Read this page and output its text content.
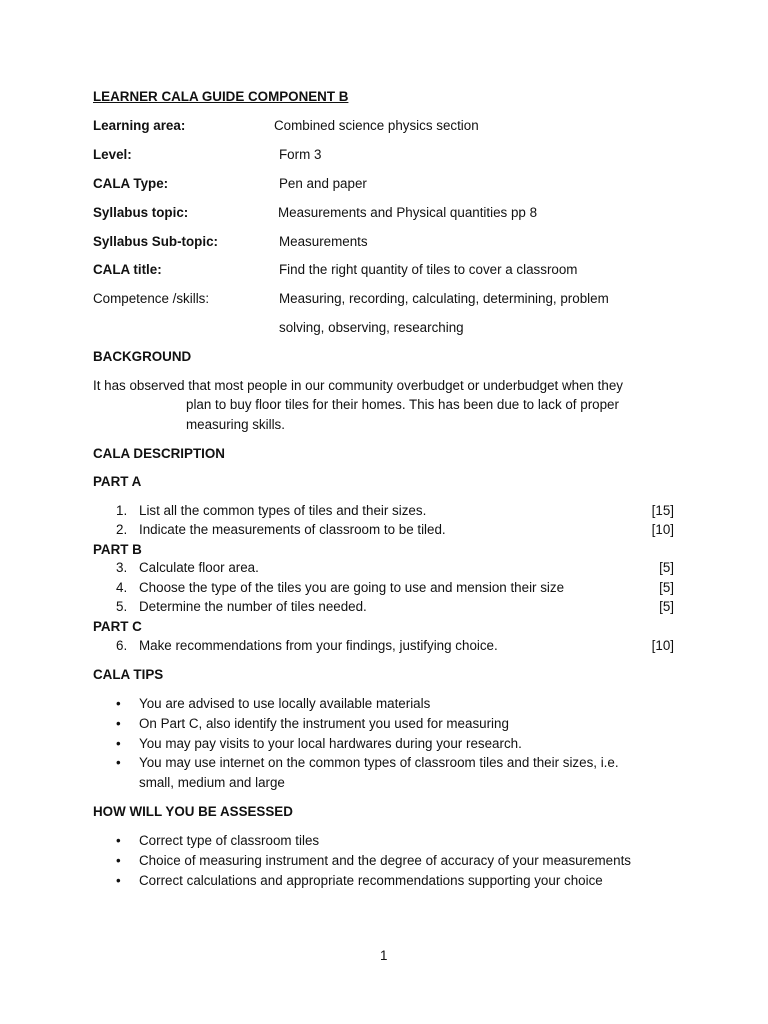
LEARNER CALA GUIDE COMPONENT B
Learning area:	Combined science physics section
Level:	Form 3
CALA Type:	Pen and paper
Syllabus topic:	Measurements and Physical quantities pp 8
Syllabus Sub-topic:	Measurements
CALA title:	Find the right quantity of tiles to cover a classroom
Competence /skills:	Measuring, recording, calculating, determining, problem
solving, observing, researching
BACKGROUND
It has observed that most people in our community overbudget or underbudget when they
plan to buy floor tiles for their homes. This has been due to lack of proper
measuring skills.
CALA DESCRIPTION
PART A
1. List all the common types of tiles and their sizes.	[15]
2. Indicate the measurements of classroom to be tiled.	[10]
PART B
3. Calculate floor area.	[5]
4. Choose the type of the tiles you are going to use and mension their size	[5]
5. Determine the number of tiles needed.	[5]
PART C
6. Make recommendations from your findings, justifying choice.	[10]
CALA TIPS
• You are advised to use locally available materials
• On Part C, also identify the instrument you used for measuring
• You may pay visits to your local hardwares during your research.
• You may use internet on the common types of classroom tiles and their sizes, i.e.
small, medium and large
HOW WILL YOU BE ASSESSED
• Correct type of classroom tiles
• Choice of measuring instrument and the degree of accuracy of your measurements
• Correct calculations and appropriate recommendations supporting your choice
1
